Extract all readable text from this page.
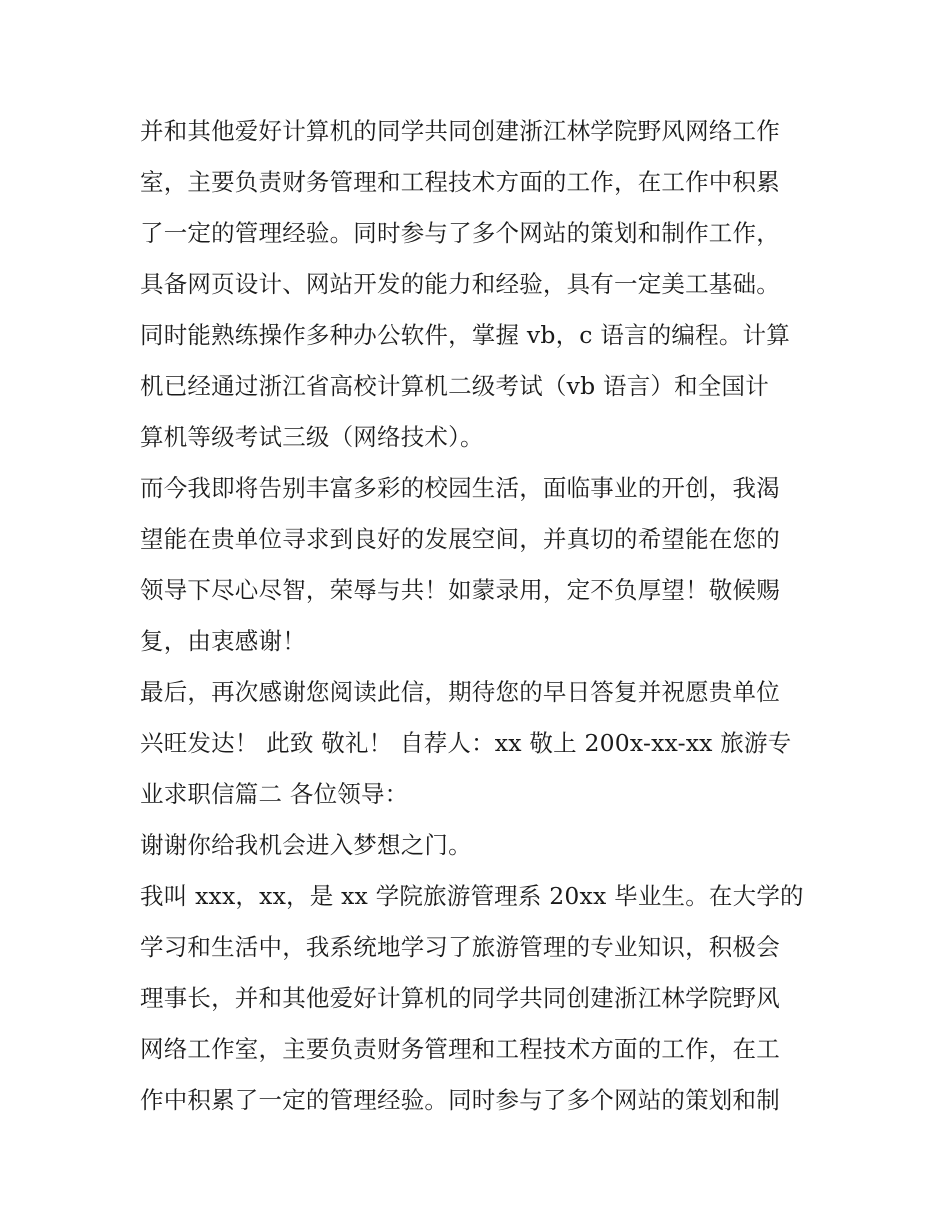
并和其他爱好计算机的同学共同创建浙江林学院野风网络工作
室，主要负责财务管理和工程技术方面的工作，在工作中积累
了一定的管理经验。同时参与了多个网站的策划和制作工作，
具备网页设计、网站开发的能力和经验，具有一定美工基础。
同时能熟练操作多种办公软件，掌握 vb，c 语言的编程。计算
机已经通过浙江省高校计算机二级考试（vb 语言）和全国计
算机等级考试三级（网络技术）。
而今我即将告别丰富多彩的校园生活，面临事业的开创，我渴
望能在贵单位寻求到良好的发展空间，并真切的希望能在您的
领导下尽心尽智，荣辱与共！如蒙录用，定不负厚望！敬候赐
复，由衷感谢！
最后，再次感谢您阅读此信，期待您的早日答复并祝愿贵单位
兴旺发达！ 此致 敬礼！ 自荐人：xx 敬上 200x-xx-xx 旅游专
业求职信篇二 各位领导：
谢谢你给我机会进入梦想之门。
我叫 xxx，xx，是 xx 学院旅游管理系 20xx 毕业生。在大学的
学习和生活中，我系统地学习了旅游管理的专业知识，积极会
理事长，并和其他爱好计算机的同学共同创建浙江林学院野风
网络工作室，主要负责财务管理和工程技术方面的工作，在工
作中积累了一定的管理经验。同时参与了多个网站的策划和制
